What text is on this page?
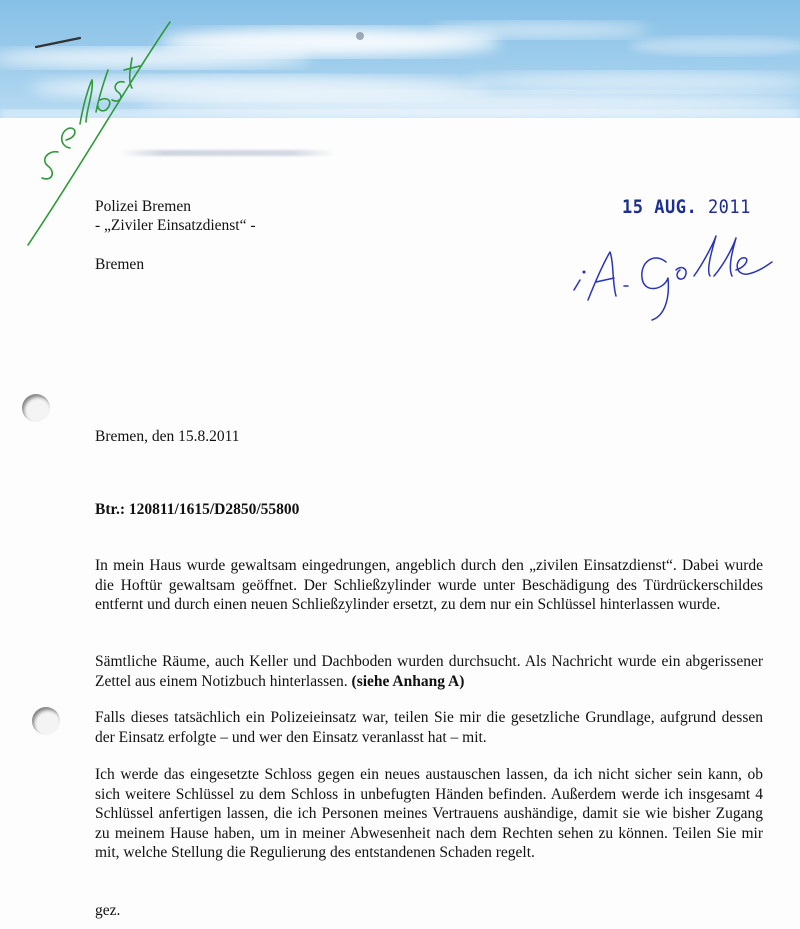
Polizei Bremen
- „Ziviler Einsatzdienst“ -
Bremen
15 AUG. 2011
Bremen, den 15.8.2011
Btr.: 120811/1615/D2850/55800
In mein Haus wurde gewaltsam eingedrungen, angeblich durch den „zivilen Einsatzdienst“. Dabei wurde die Hoftür gewaltsam geöffnet. Der Schließzylinder wurde unter Beschädigung des Türdrückerschildes entfernt und durch einen neuen Schließzylinder ersetzt, zu dem nur ein Schlüssel hinterlassen wurde.
Sämtliche Räume, auch Keller und Dachboden wurden durchsucht. Als Nachricht wurde ein abgerissener Zettel aus einem Notizbuch hinterlassen. (siehe Anhang A)
Falls dieses tatsächlich ein Polizeieinsatz war, teilen Sie mir die gesetzliche Grundlage, aufgrund dessen der Einsatz erfolgte – und wer den Einsatz veranlasst hat – mit.
Ich werde das eingesetzte Schloss gegen ein neues austauschen lassen, da ich nicht sicher sein kann, ob sich weitere Schlüssel zu dem Schloss in unbefugten Händen befinden. Außerdem werde ich insgesamt 4 Schlüssel anfertigen lassen, die ich Personen meines Vertrauens aushändige, damit sie wie bisher Zugang zu meinem Hause haben, um in meiner Abwesenheit nach dem Rechten sehen zu können. Teilen Sie mir mit, welche Stellung die Regulierung des entstandenen Schaden regelt.
gez.
